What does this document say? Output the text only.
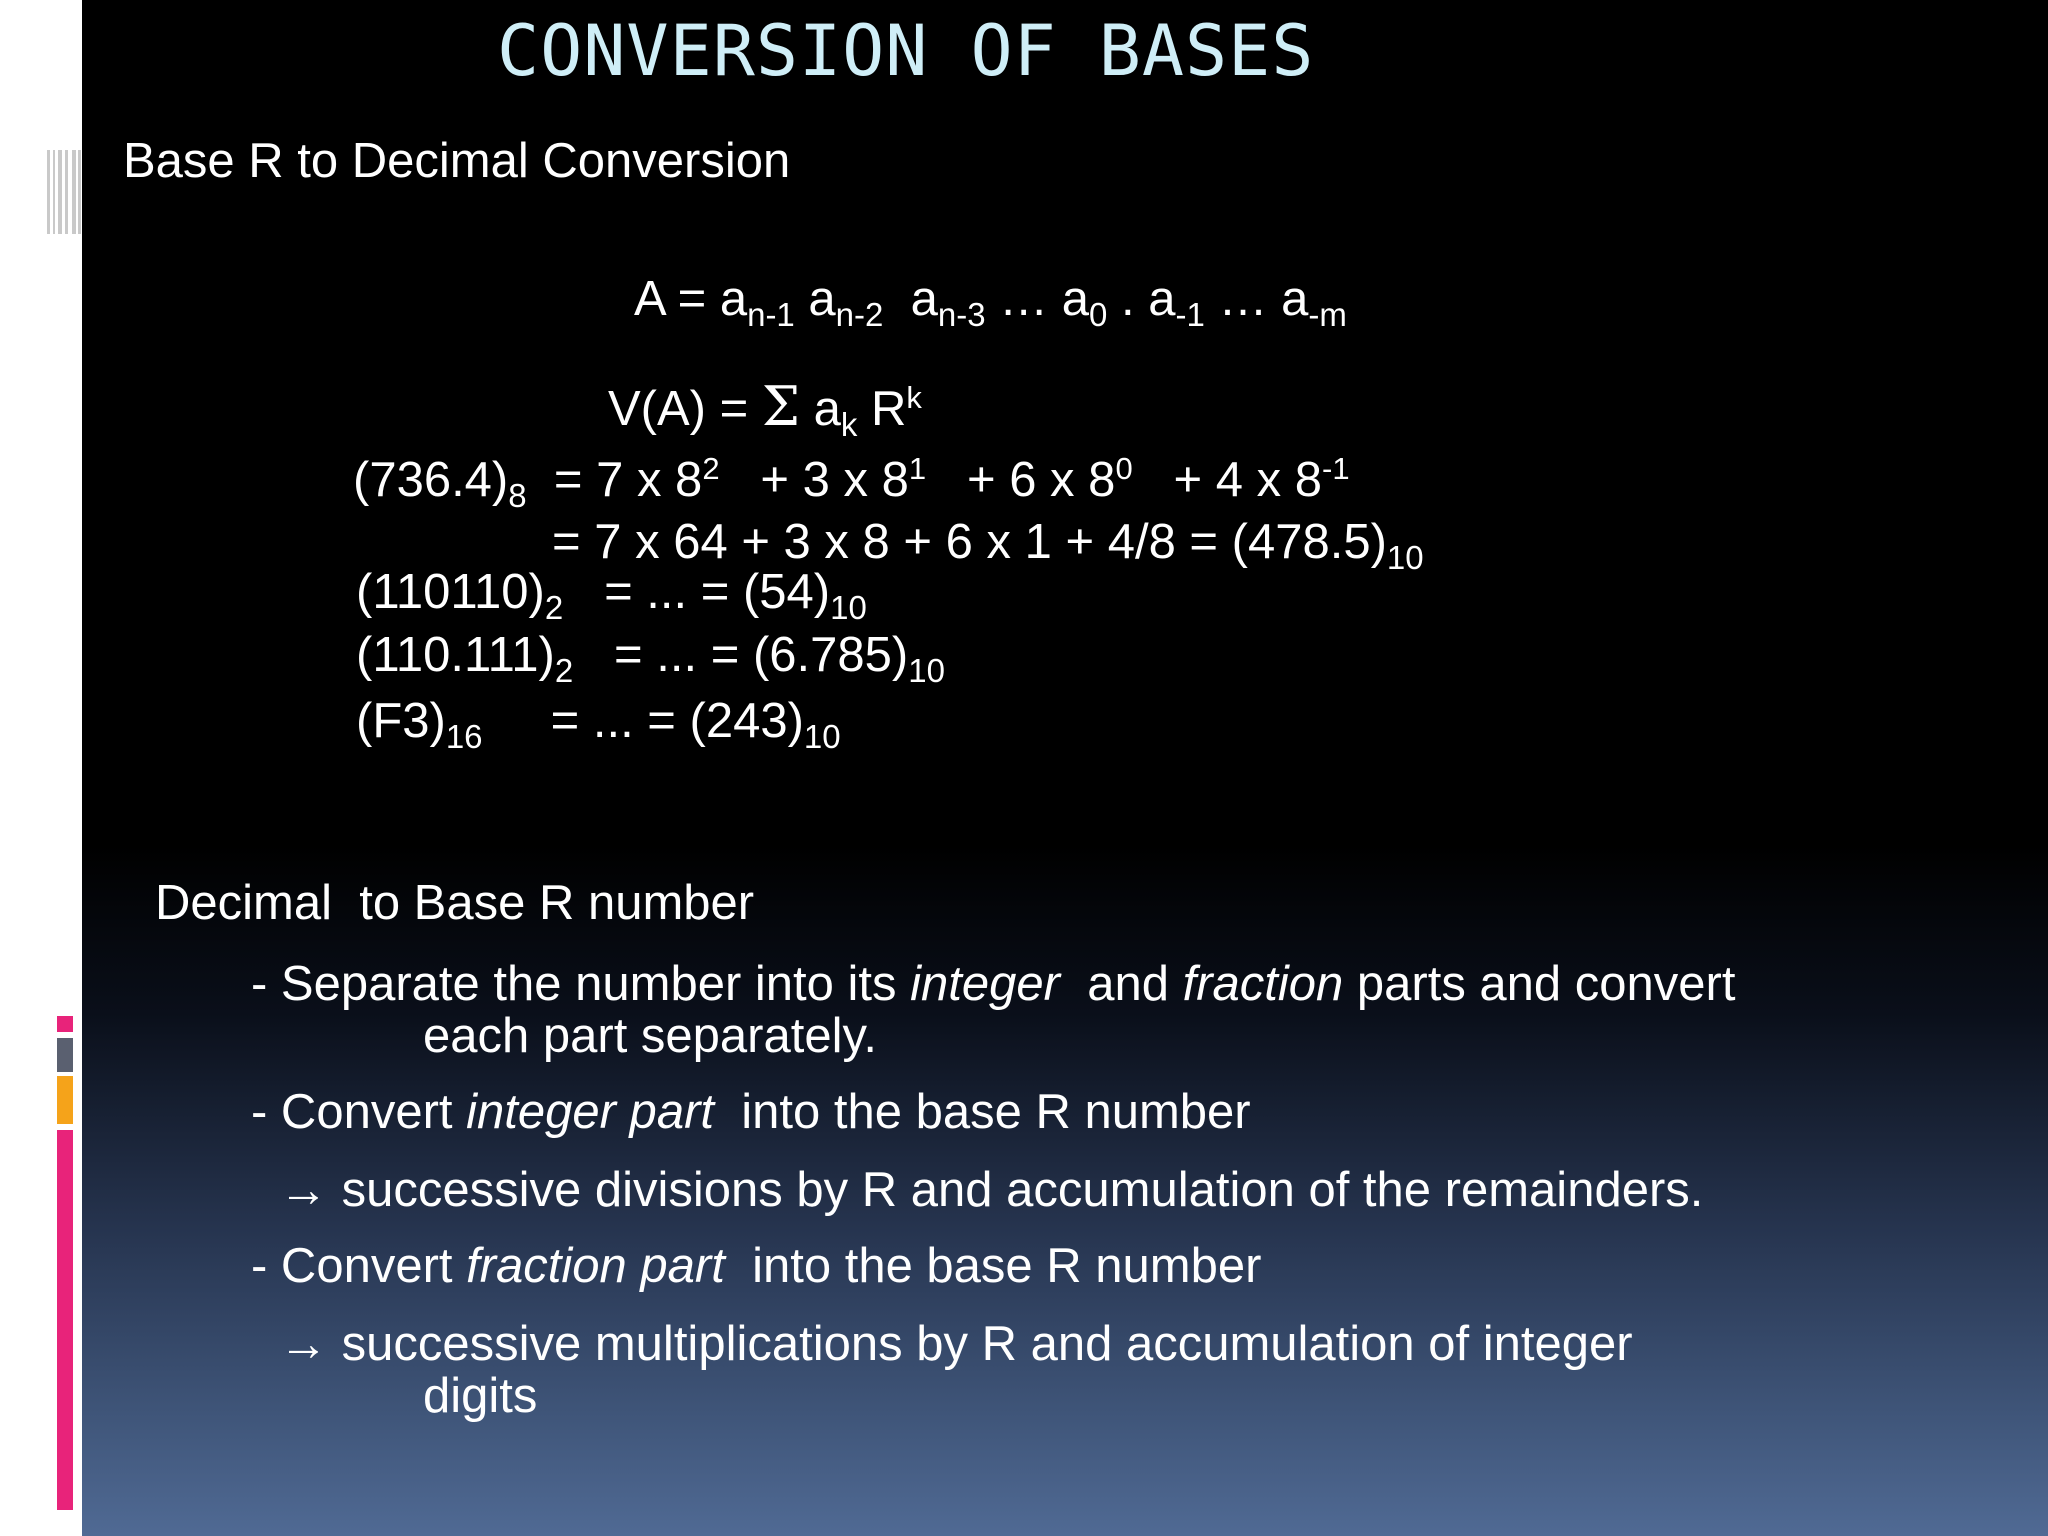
CONVERSION OF BASES
Base R to Decimal Conversion
$A = a_{n-1}$ $a_{n-2}$  $a_{n-3}$ … $a_0$ . $a_{-1}$ … $a_{-m}$
V(A) = Σ $a_k$ $R^k$
$(736.4)_8 = 7$ x $8^2 + 3$ x $8^1 + 6$ x $8^0 + 4$ x $8^{-1}$
= 7 x 64 + 3 x 8 + 6 x $1 + 4/8 = (478.5)_{10}$
$(110110)_2$   = ... = $(54)_{10}$
$(110.111)_2$   = ... = $(6.785)_{10}$
$(F3)_{16}$     = ... = $(243)_{10}$
Decimal  to Base R number
- Separate the number into its integer  and fraction parts and convert
each part separately.
- Convert integer part  into the base R number
→ successive divisions by R and accumulation of the remainders.
- Convert fraction part  into the base R number
→ successive multiplications by R and accumulation of integer
digits
